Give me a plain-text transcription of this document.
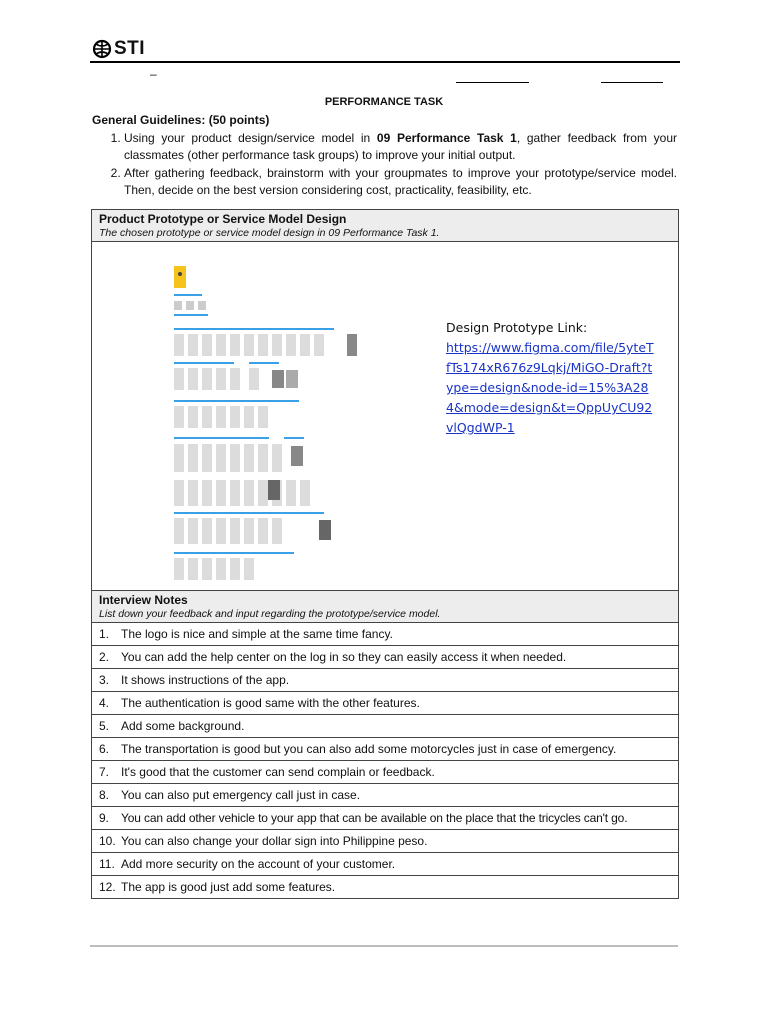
STI
–
PERFORMANCE TASK
General Guidelines: (50 points)
1. Using your product design/service model in 09 Performance Task 1, gather feedback from your classmates (other performance task groups) to improve your initial output.
2. After gathering feedback, brainstorm with your groupmates to improve your prototype/service model. Then, decide on the best version considering cost, practicality, feasibility, etc.
Product Prototype or Service Model Design
The chosen prototype or service model design in 09 Performance Task 1.

Design Prototype Link:
https://www.figma.com/file/5yteTfTs174xR676z9Lqkj/MiGO-Draft?type=design&node-id=15%3A284&mode=design&t=QppUyCU92vlQgdWP-1

Interview Notes
List down your feedback and input regarding the prototype/service model.

1. The logo is nice and simple at the same time fancy.
2. You can add the help center on the log in so they can easily access it when needed.
3. It shows instructions of the app.
4. The authentication is good same with the other features.
5. Add some background.
6. The transportation is good but you can also add some motorcycles just in case of emergency.
7. It's good that the customer can send complain or feedback.
8. You can also put emergency call just in case.
9. You can add other vehicle to your app that can be available on the place that the tricycles can't go.
10. You can also change your dollar sign into Philippine peso.
11. Add more security on the account of your customer.
12. The app is good just add some features.
